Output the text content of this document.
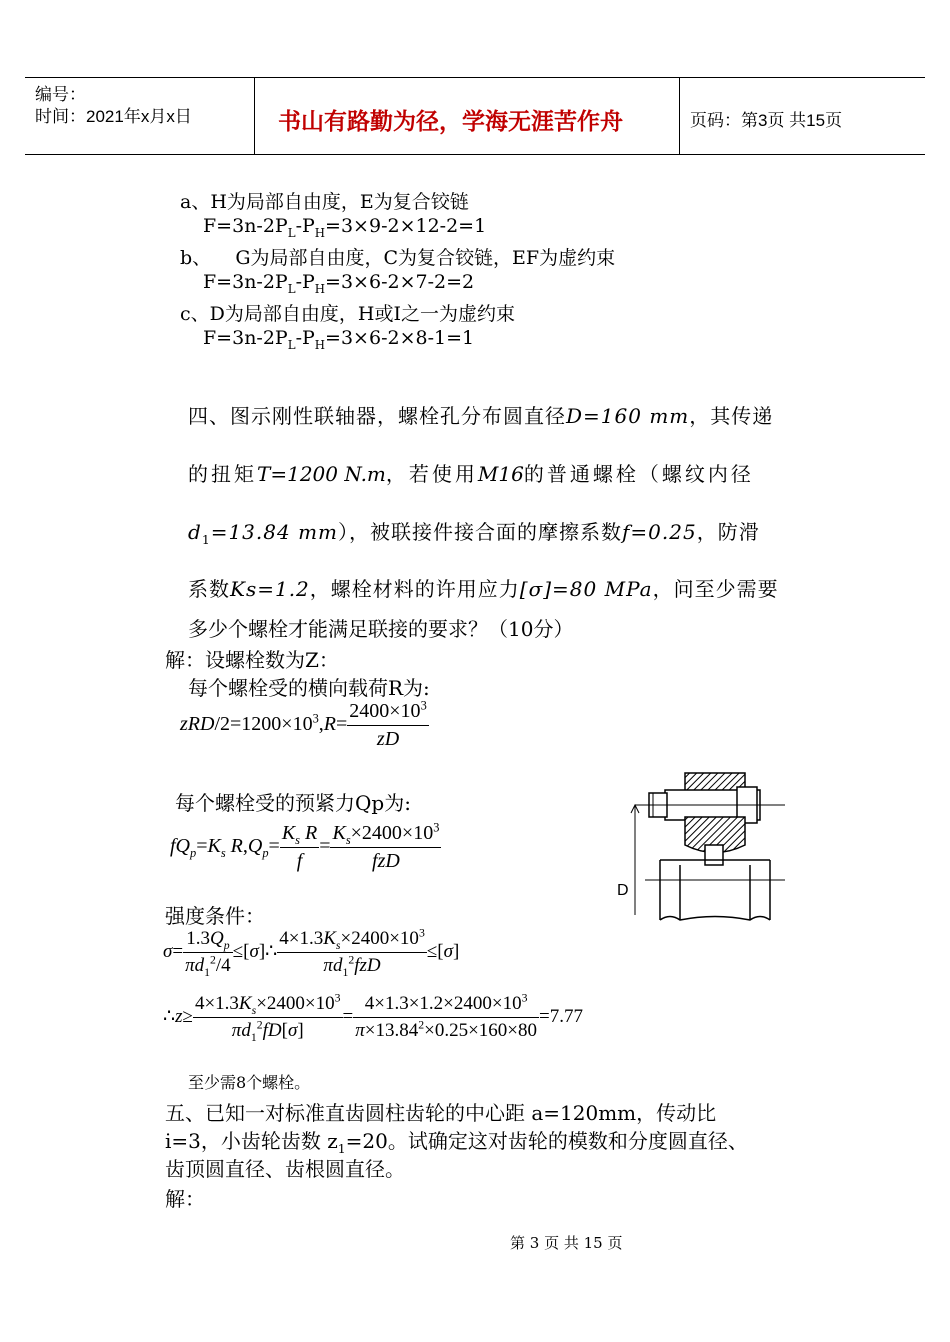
编号：
时间：2021年x月x日	书山有路勤为径，学海无涯苦作舟	页码：第3页 共15页
a、H为局部自由度，E为复合铰链
$F=3n-2P_L-P_H=3\times 9-2\times 12-2=1$
b、    G为局部自由度，C为复合铰链，EF为虚约束
$F=3n-2P_L-P_H=3\times 6-2\times 7-2=2$
c、D为局部自由度，H或I之一为虚约束
$F=3n-2P_L-P_H=3\times 6-2\times 8-1=1$
四、图示刚性联轴器，螺栓孔分布圆直径D=160 mm，其传递
的扭矩T=1200 N.m，若使用M16的普通螺栓（螺纹内径
$d_1=13.84$ mm），被联接件接合面的摩擦系数f=0.25，防滑
系数Ks=1.2，螺栓材料的许用应力[σ]=80 MPa，问至少需要
多少个螺栓才能满足联接的要求？（10分）
解：设螺栓数为Z：
每个螺栓受的横向载荷R为:
zRD/$2=1200\times 10^3,R= \frac{2400\times 10^3}{zD}$
每个螺栓受的预紧力Qp为:
$fQ_p=K_s$ $R,Q_p= \frac{K_s R}{f} = \frac{K_s\times 2400\times 10^3}{\text{fzD}}$
强度条件：
$\sigma= \frac{1.3Q_p}{\pi d_1^2/4}$ ≤[σ]∴ $\frac{4\times 1.3K_s\times 2400\times 10^3}{\pi d_1^2fzD} \le[\sigma]$
∴z≥ $\frac{4\times 1.3K_s\times 2400\times 10^3}{\pi d_1^2fD[\sigma]} = \frac{4\times 1.3\times 1.2\times 2400\times 10^3}{\pi\times 13.84^2\times 0.25\times 160\times 80} =7.77$
至少需8个螺栓。
五、已知一对标准直齿圆柱齿轮的中心距 a=120mm，传动比
i=3，小齿轮齿数 $z_1=20$。试确定这对齿轮的模数和分度圆直径、
齿顶圆直径、齿根圆直径。
解：
第 3 页 共 15 页
D
